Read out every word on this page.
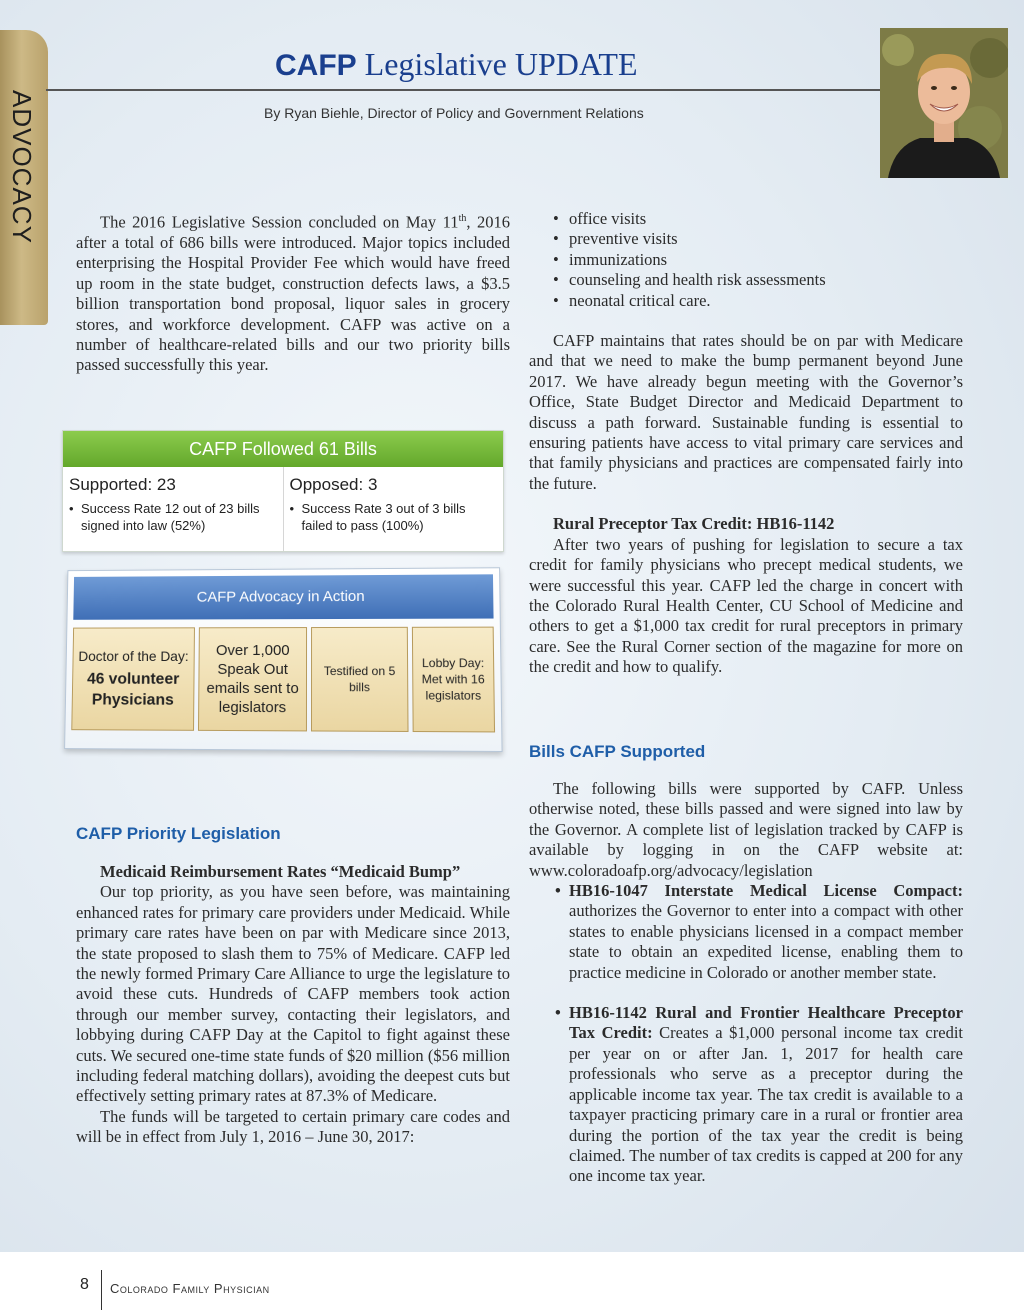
ADVOCACY
CAFP Legislative UPDATE
By Ryan Biehle, Director of Policy and Government Relations

The 2016 Legislative Session concluded on May 11th, 2016 after a total of 686 bills were introduced. Major topics included enterprising the Hospital Provider Fee which would have freed up room in the state budget, construction defects laws, a $3.5 billion transportation bond proposal, liquor sales in grocery stores, and workforce development. CAFP was active on a number of healthcare-related bills and our two priority bills passed successfully this year.

CAFP Followed 61 Bills
Supported: 23
• Success Rate 12 out of 23 bills signed into law (52%)
Opposed: 3
• Success Rate 3 out of 3 bills failed to pass (100%)
CAFP Advocacy in Action
Doctor of the Day:
46 volunteer Physicians
Over 1,000 Speak Out emails sent to legislators
Testified on 5 bills
Lobby Day: Met with 16 legislators
CAFP Priority Legislation

Medicaid Reimbursement Rates “Medicaid Bump”

Our top priority, as you have seen before, was maintaining enhanced rates for primary care providers under Medicaid. While primary care rates have been on par with Medicare since 2013, the state proposed to slash them to 75% of Medicare. CAFP led the newly formed Primary Care Alliance to urge the legislature to avoid these cuts. Hundreds of CAFP members took action through our member survey, contacting their legislators, and lobbying during CAFP Day at the Capitol to fight against these cuts. We secured one-time state funds of $20 million ($56 million including federal matching dollars), avoiding the deepest cuts but effectively setting primary rates at 87.3% of Medicare.

The funds will be targeted to certain primary care codes and will be in effect from July 1, 2016 – June 30, 2017:

• office visits
• preventive visits
• immunizations
• counseling and health risk assessments
• neonatal critical care.

CAFP maintains that rates should be on par with Medicare and that we need to make the bump permanent beyond June 2017. We have already begun meeting with the Governor’s Office, State Budget Director and Medicaid Department to discuss a path forward. Sustainable funding is essential to ensuring patients have access to vital primary care services and that family physicians and practices are compensated fairly into the future.

Rural Preceptor Tax Credit: HB16-1142

After two years of pushing for legislation to secure a tax credit for family physicians who precept medical students, we were successful this year. CAFP led the charge in concert with the Colorado Rural Health Center, CU School of Medicine and others to get a $1,000 tax credit for rural preceptors in primary care. See the Rural Corner section of the magazine for more on the credit and how to qualify.

Bills CAFP Supported

The following bills were supported by CAFP. Unless otherwise noted, these bills passed and were signed into law by the Governor. A complete list of legislation tracked by CAFP is available by logging in on the CAFP website at: www.coloradoafp.org/advocacy/legislation

• HB16-1047 Interstate Medical License Compact: authorizes the Governor to enter into a compact with other states to enable physicians licensed in a compact member state to obtain an expedited license, enabling them to practice medicine in Colorado or another member state.
• HB16-1142 Rural and Frontier Healthcare Preceptor Tax Credit: Creates a $1,000 personal income tax credit per year on or after Jan. 1, 2017 for health care professionals who serve as a preceptor during the applicable income tax year. The tax credit is available to a taxpayer practicing primary care in a rural or frontier area during the portion of the tax year the credit is being claimed. The number of tax credits is capped at 200 for any one income tax year.
8 Colorado Family Physician
